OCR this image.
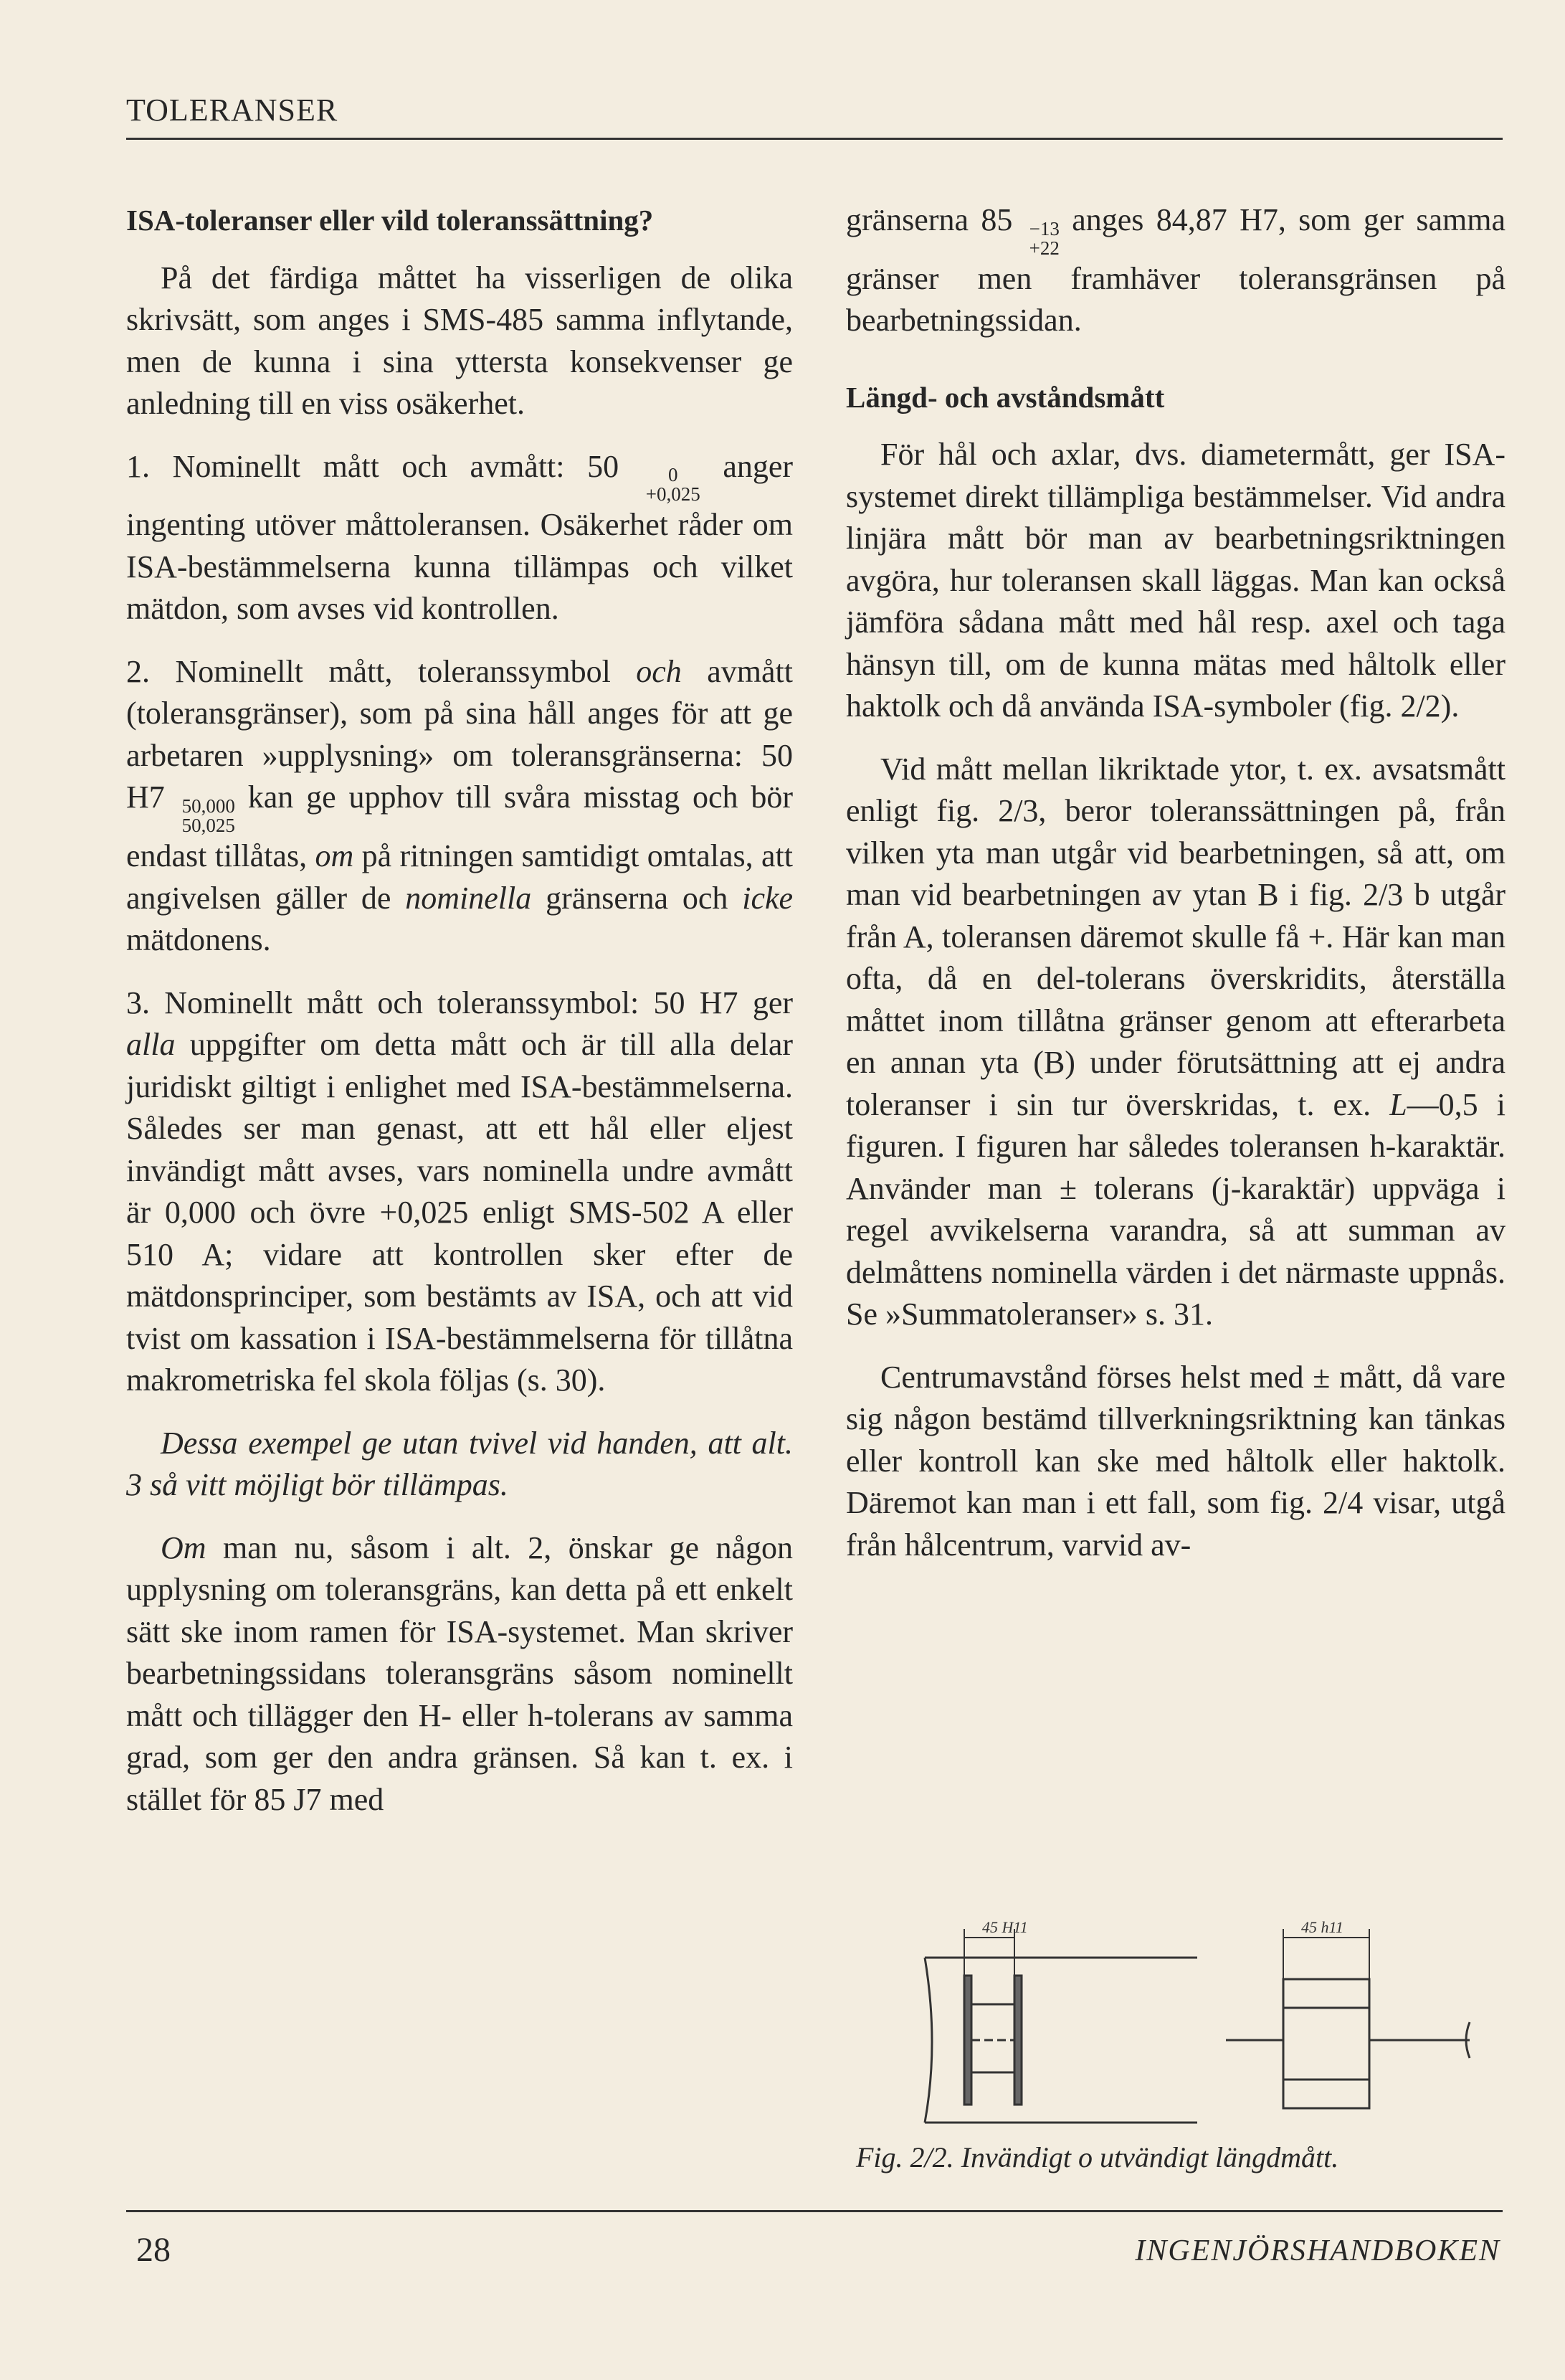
TOLERANSER
ISA-toleranser eller vild toleranssättning?

På det färdiga måttet ha visserligen de olika skrivsätt, som anges i SMS-485 samma inflytande, men de kunna i sina yttersta konsekvenser ge anledning till en viss osäkerhet.

1. Nominellt mått och avmått: 50	0
+0,025
anger ingenting utöver måttoleransen. Osäkerhet råder om ISA-bestämmelserna kunna tillämpas och vilket mätdon, som avses vid kontrollen.

2. Nominellt mått, toleranssymbol och avmått (toleransgränser), som på sina håll anges för att ge arbetaren »upplysning» om toleransgränserna: 50 H7 50,000
50,025
kan ge upphov till svåra misstag och bör endast tillåtas, om på ritningen samtidigt omtalas, att angivelsen gäller de nominella gränserna och icke mätdonens.

3. Nominellt mått och toleranssymbol: 50 H7 ger alla uppgifter om detta mått och är till alla delar juridiskt giltigt i enlighet med ISA-bestämmelserna. Således ser man genast, att ett hål eller eljest invändigt mått avses, vars nominella undre avmått är 0,000 och övre +0,025 enligt SMS-502 A eller 510 A; vidare att kontrollen sker efter de mätdonsprinciper, som bestämts av ISA, och att vid tvist om kassation i ISA-bestämmelserna för tillåtna makrometriska fel skola följas (s. 30).

Dessa exempel ge utan tvivel vid handen, att alt. 3 så vitt möjligt bör tillämpas.

Om man nu, såsom i alt. 2, önskar ge någon upplysning om toleransgräns, kan detta på ett enkelt sätt ske inom ramen för ISA-systemet. Man skriver bearbetningssidans toleransgräns såsom nominellt mått och tillägger den H- eller h-tolerans av samma grad, som ger den andra gränsen. Så kan t. ex. i stället för 85 J7 med

gränserna 85 −13
+22
anges 84,87 H7, som ger samma gränser men framhäver toleransgränsen på bearbetningssidan.

Längd- och avståndsmått

För hål och axlar, dvs. diametermått, ger ISA-systemet direkt tillämpliga bestämmelser. Vid andra linjära mått bör man av bearbetningsriktningen avgöra, hur toleransen skall läggas. Man kan också jämföra sådana mått med hål resp. axel och taga hänsyn till, om de kunna mätas med håltolk eller haktolk och då använda ISA-symboler (fig. 2/2).

Vid mått mellan likriktade ytor, t. ex. avsatsmått enligt fig. 2/3, beror toleranssättningen på, från vilken yta man utgår vid bearbetningen, så att, om man vid bearbetningen av ytan B i fig. 2/3 b utgår från A, toleransen däremot skulle få +. Här kan man ofta, då en del-tolerans överskridits, återställa måttet inom tillåtna gränser genom att efterarbeta en annan yta (B) under förutsättning att ej andra toleranser i sin tur överskridas, t. ex. L—0,5 i figuren. I figuren har således toleransen h-karaktär. Använder man ± tolerans (j-karaktär) uppväga i regel avvikelserna varandra, så att summan av delmåttens nominella värden i det närmaste uppnås. Se »Summatoleranser» s. 31.

Centrumavstånd förses helst med ± mått, då vare sig någon bestämd tillverkningsriktning kan tänkas eller kontroll kan ske med håltolk eller haktolk. Däremot kan man i ett fall, som fig. 2/4 visar, utgå från hålcentrum, varvid av-

45 H11	45 h11
Fig. 2/2. Invändigt o utvändigt längdmått.
28	INGENJÖRSHANDBOKEN
